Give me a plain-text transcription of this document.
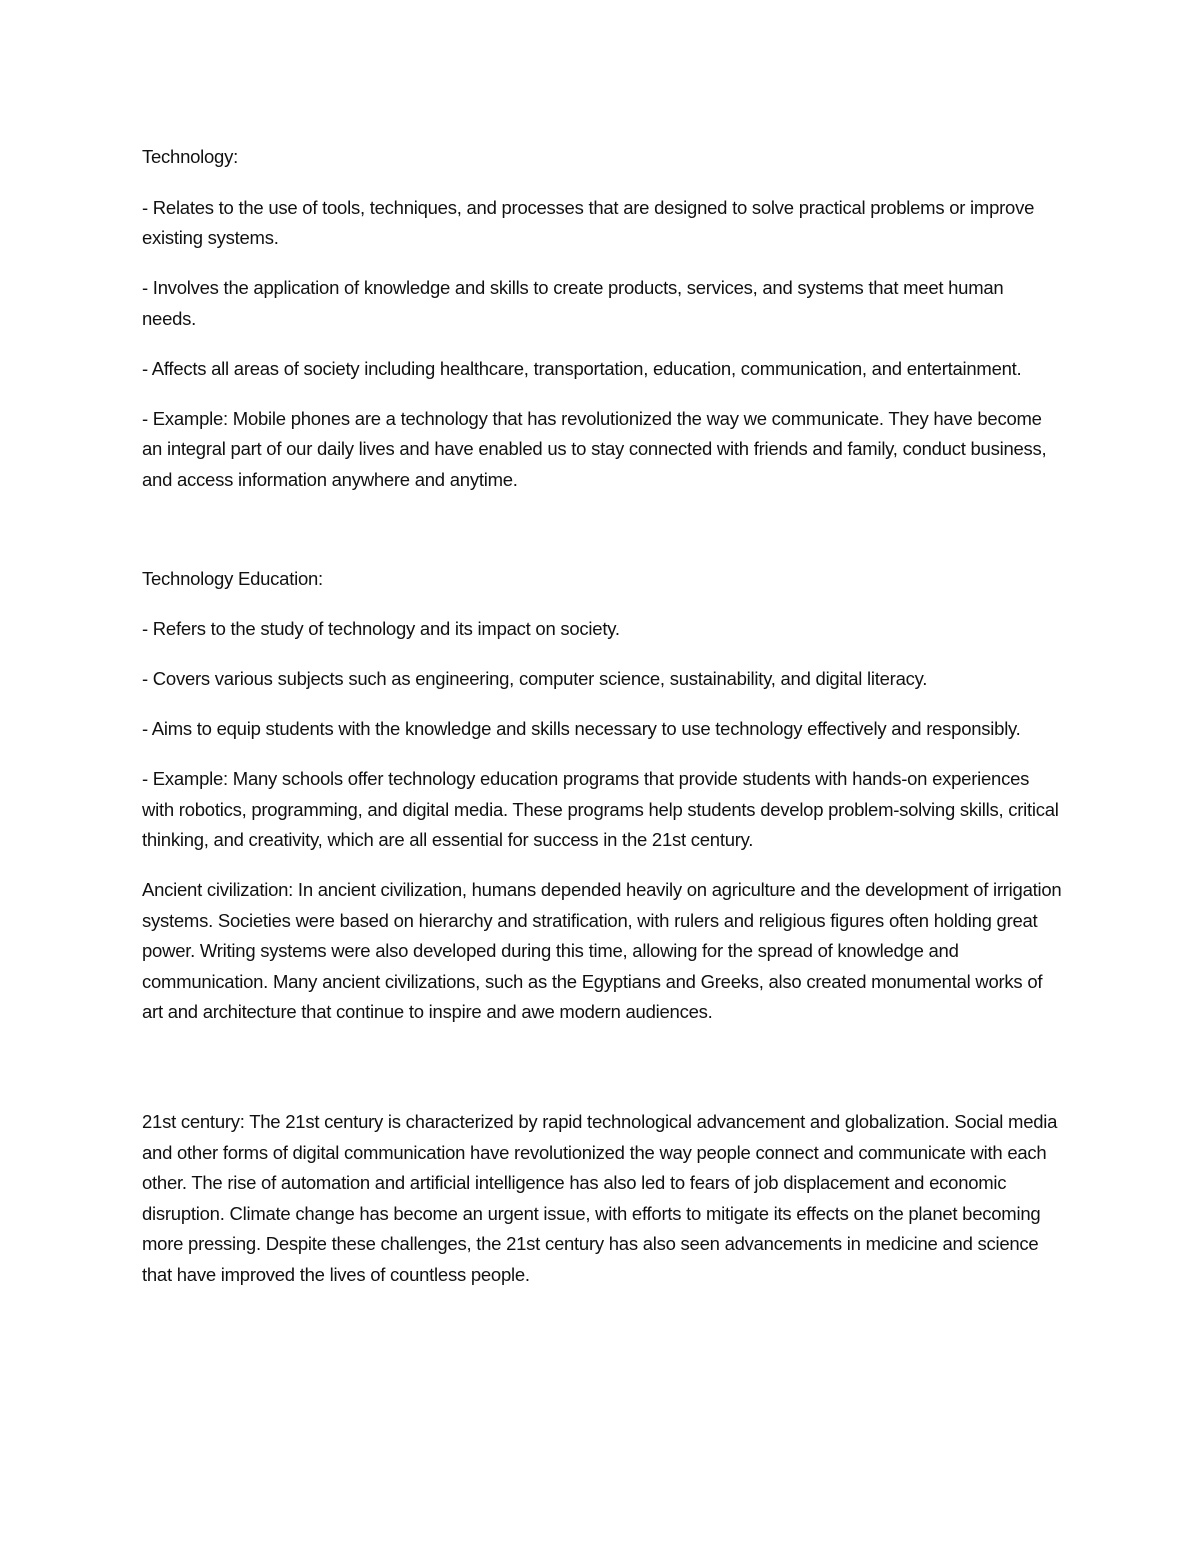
Technology:
- Relates to the use of tools, techniques, and processes that are designed to solve practical problems or improve existing systems.
- Involves the application of knowledge and skills to create products, services, and systems that meet human needs.
- Affects all areas of society including healthcare, transportation, education, communication, and entertainment.
- Example: Mobile phones are a technology that has revolutionized the way we communicate. They have become an integral part of our daily lives and have enabled us to stay connected with friends and family, conduct business, and access information anywhere and anytime.
Technology Education:
- Refers to the study of technology and its impact on society.
- Covers various subjects such as engineering, computer science, sustainability, and digital literacy.
- Aims to equip students with the knowledge and skills necessary to use technology effectively and responsibly.
- Example: Many schools offer technology education programs that provide students with hands-on experiences with robotics, programming, and digital media. These programs help students develop problem-solving skills, critical thinking, and creativity, which are all essential for success in the 21st century.
Ancient civilization: In ancient civilization, humans depended heavily on agriculture and the development of irrigation systems. Societies were based on hierarchy and stratification, with rulers and religious figures often holding great power. Writing systems were also developed during this time, allowing for the spread of knowledge and communication. Many ancient civilizations, such as the Egyptians and Greeks, also created monumental works of art and architecture that continue to inspire and awe modern audiences.
21st century: The 21st century is characterized by rapid technological advancement and globalization. Social media and other forms of digital communication have revolutionized the way people connect and communicate with each other. The rise of automation and artificial intelligence has also led to fears of job displacement and economic disruption. Climate change has become an urgent issue, with efforts to mitigate its effects on the planet becoming more pressing. Despite these challenges, the 21st century has also seen advancements in medicine and science that have improved the lives of countless people.
